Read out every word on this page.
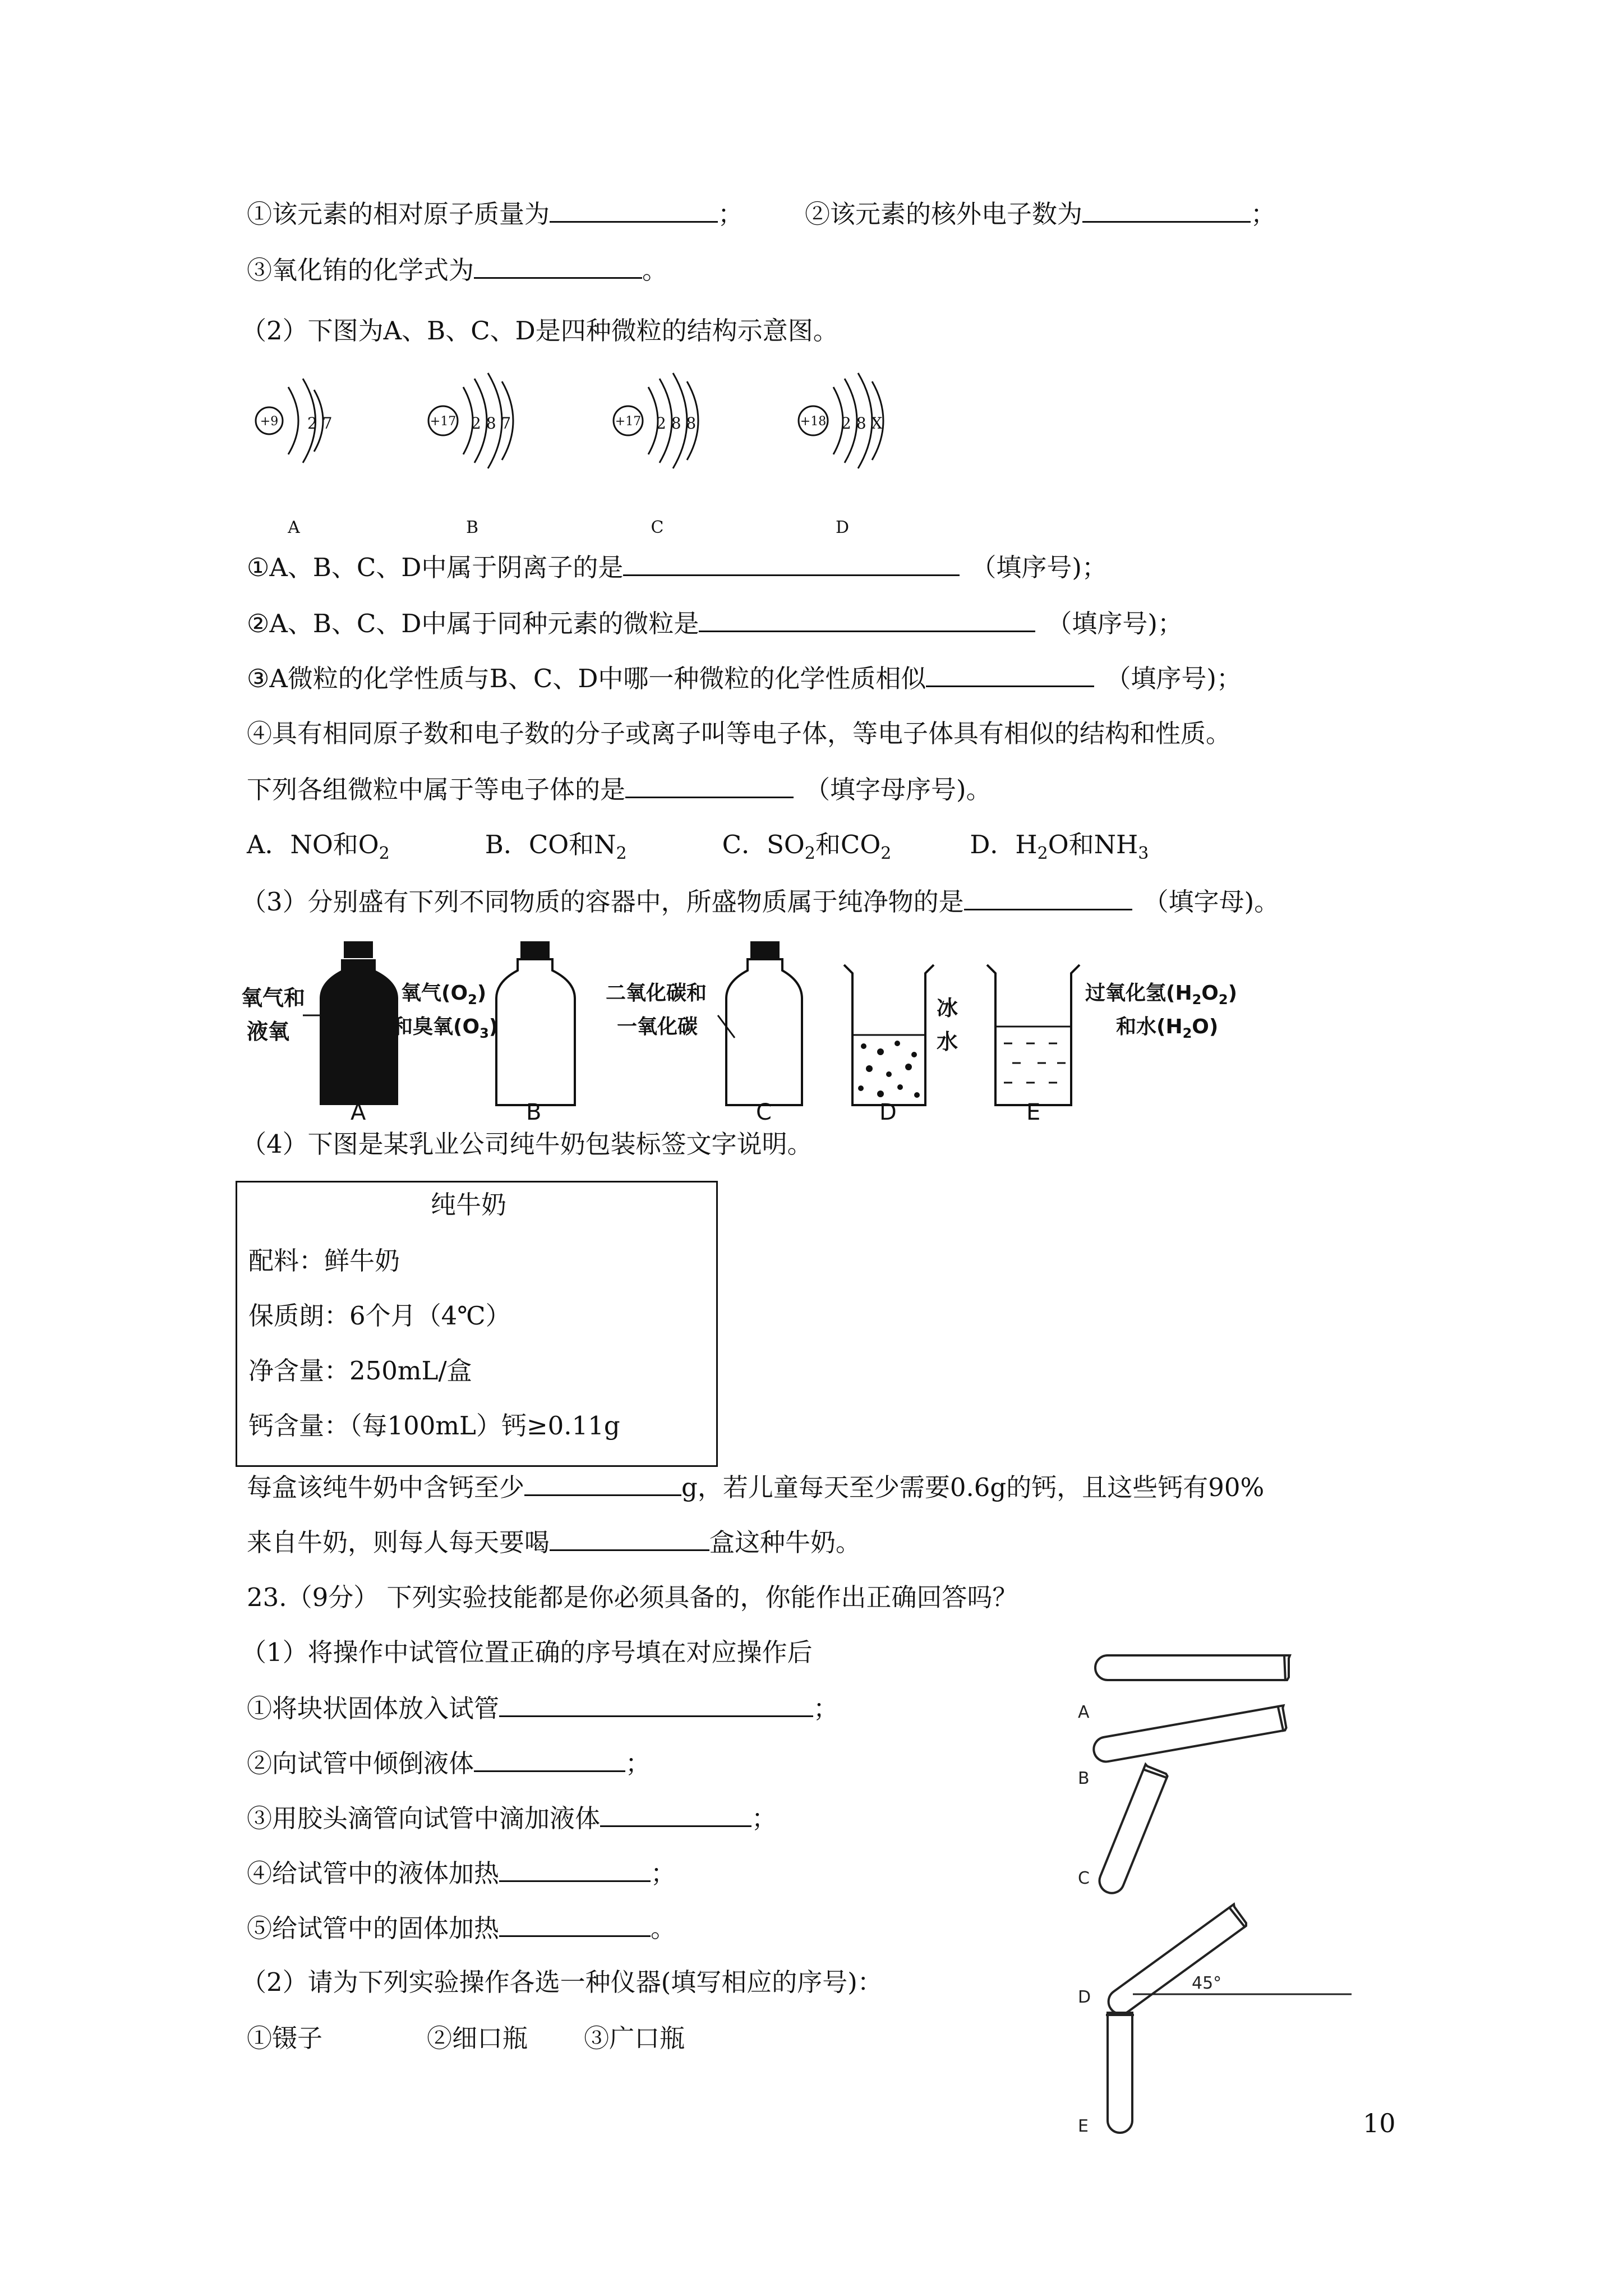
①该元素的相对原子质量为	； ②该元素的核外电子数为	；
③氧化铕的化学式为	。
（2）下图为A、B、C、D是四种微粒的结构示意图。
+9 2 7
A
+17 2 8 7
B
+17 2 8 8
C
+18 2 8 X
D
①A、B、C、D中属于阴离子的是	（填序号)；
②A、B、C、D中属于同种元素的微粒是	（填序号)；
③A微粒的化学性质与B、C、D中哪一种微粒的化学性质相似	（填序号)；
④具有相同原子数和电子数的分子或离子叫等电子体，等电子体具有相似的结构和性质。
下列各组微粒中属于等电子体的是	（填字母序号)。
A．NO和$O_2$	B．CO和$N_2$	C．$SO_2$和$CO_2$	D．$H_2O$和$NH_3$
（3）分别盛有下列不同物质的容器中，所盛物质属于纯净物的是	（填字母)。
氧气和
液氧
A
氧气$(O_2)$
和臭氧$(O_3)$
B
二氧化碳和
一氧化碳
C
冰
水
D
过氧化氢$(H_2O_2)$
和水$(H_2O)$
E
（4）下图是某乳业公司纯牛奶包装标签文字说明。
纯牛奶
配料：鲜牛奶
保质朗：6个月（4℃）
净含量：250mL/盒
钙含量：（每100mL）钙≥0.11g
每盒该纯牛奶中含钙至少	g，若儿童每天至少需要0.6g的钙，且这些钙有90%
来自牛奶，则每人每天要喝	盒这种牛奶。
23.（9分） 下列实验技能都是你必须具备的，你能作出正确回答吗？
（1）将操作中试管位置正确的序号填在对应操作后
①将块状固体放入试管	；
②向试管中倾倒液体	；
③用胶头滴管向试管中滴加液体	；
④给试管中的液体加热	；
⑤给试管中的固体加热	。
（2）请为下列实验操作各选一种仪器(填写相应的序号)：
①镊子             ②细口瓶       ③广口瓶
A
B
C
D
45°
E	10
